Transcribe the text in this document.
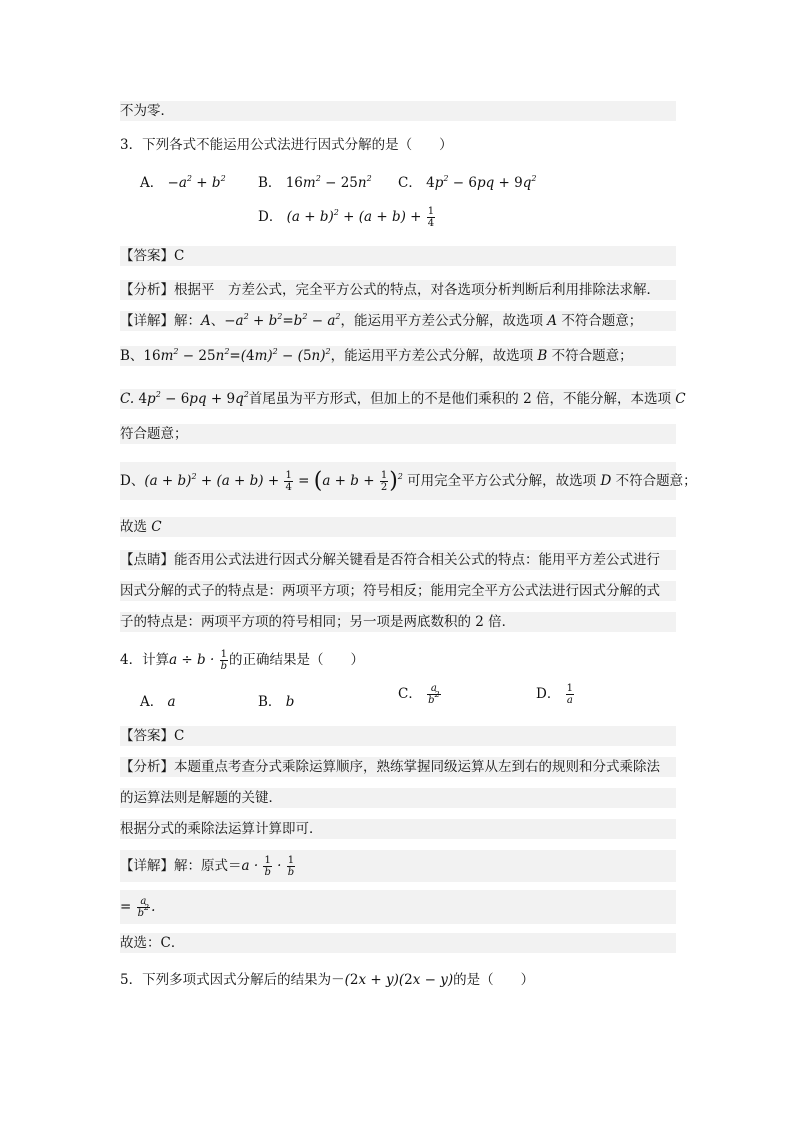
不为零．
3．下列各式不能运用公式法进行因式分解的是（　　）
A． $-a^2 + b^2$ B． $16m^2 - 25n^2$ C． $4p^2 - 6pq + 9q^2$
D． $(a + b)^2 + (a + b) + \frac{1}{4}$
【答案】C
【分析】根据平　方差公式，完全平方公式的特点，对各选项分析判断后利用排除法求解．
【详解】解：A、$-a^2 + b^2=b^2 - a^2$，能运用平方差公式分解，故选项 A 不符合题意；
B、$16m^2 - 25n^2=(4m)^2 - (5n)^2$，能运用平方差公式分解，故选项 B 不符合题意；
C. $4p^2 - 6pq + 9q^2$首尾虽为平方形式，但加上的不是他们乘积的 2 倍，不能分解，本选项 C
符合题意；
D、$(a + b)^2 + (a + b) + \frac{1}{4} = (a + b + \frac{1}{2} )^2$ 可用完全平方公式分解，故选项 D 不符合题意；
故选 C
【点睛】能否用公式法进行因式分解关键看是否符合相关公式的特点：能用平方差公式进行
因式分解的式子的特点是：两项平方项；符号相反；能用完全平方公式法进行因式分解的式
子的特点是：两项平方项的符号相同；另一项是两底数积的 2 倍．
4．计算$a \div b \cdot \frac{1}{b}$ 的正确结果是（　　）
A． a	B． b	C． $\frac{a}{b^2}$	D． $\frac{1}{a}$
【答案】C
【分析】本题重点考查分式乘除运算顺序，熟练掌握同级运算从左到右的规则和分式乘除法
的运算法则是解题的关键．
根据分式的乘除法运算计算即可．
【详解】解：原式$=a \cdot \frac{1}{b} \cdot \frac{1}{b}$
= $\frac{a}{b^2}$ .
故选：C．
5．下列多项式因式分解后的结果为－(2x + y)(2x − y)的是（　　）
